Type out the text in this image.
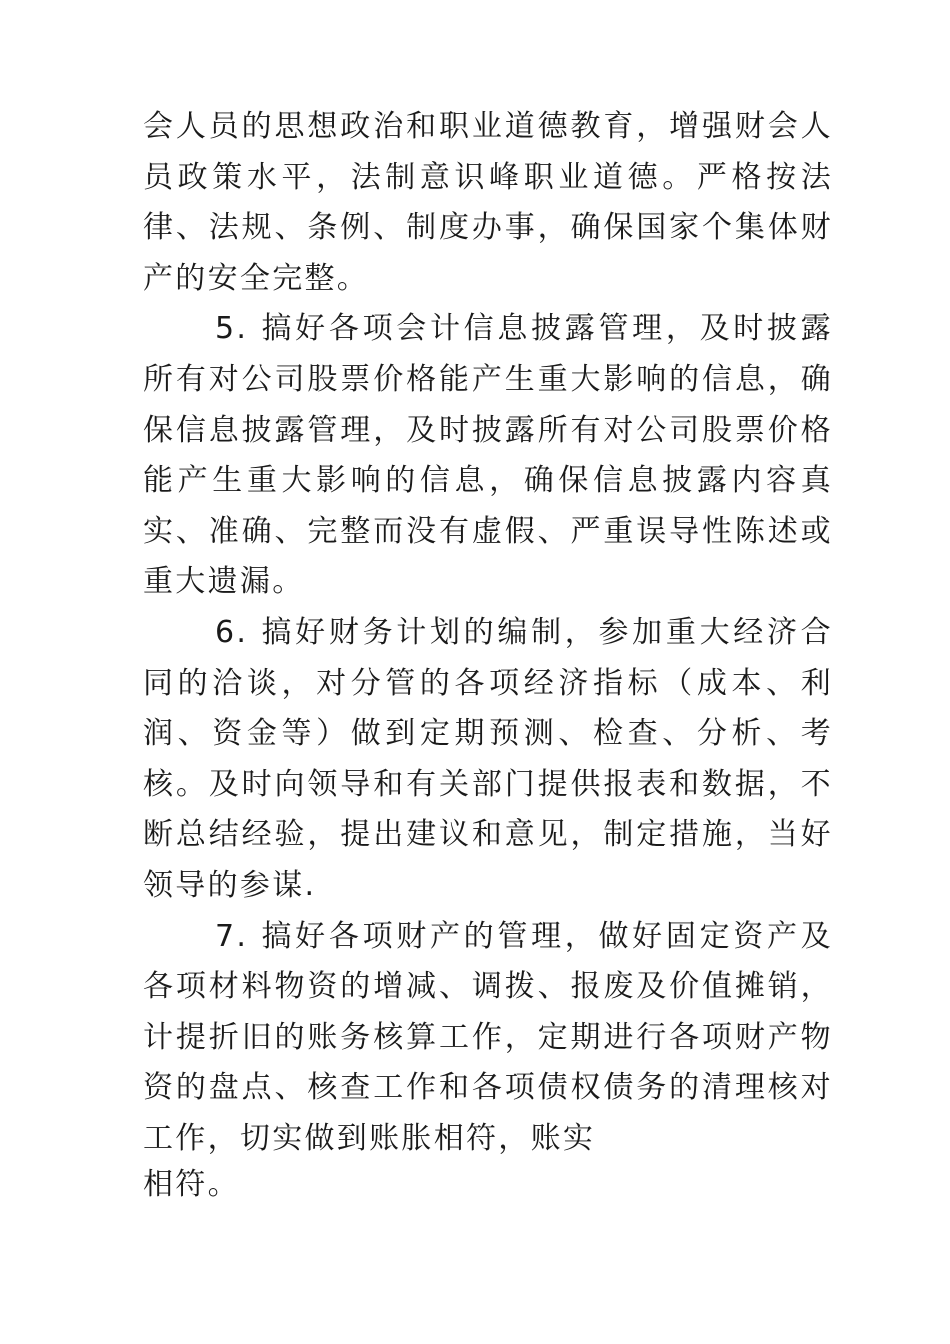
会人员的思想政治和职业道德教育，增强财会人员政策水平，法制意识峰职业道德。严格按法律、法规、条例、制度办事，确保国家个集体财产的安全完整。

5. 搞好各项会计信息披露管理，及时披露所有对公司股票价格能产生重大影响的信息，确保信息披露管理，及时披露所有对公司股票价格能产生重大影响的信息，确保信息披露内容真实、准确、完整而没有虚假、严重误导性陈述或重大遗漏。

6. 搞好财务计划的编制，参加重大经济合同的洽谈，对分管的各项经济指标（成本、利润、资金等）做到定期预测、检查、分析、考核。及时向领导和有关部门提供报表和数据，不断总结经验，提出建议和意见，制定措施，当好领导的参谋.

7. 搞好各项财产的管理，做好固定资产及各项材料物资的增减、调拨、报废及价值摊销，计提折旧的账务核算工作，定期进行各项财产物资的盘点、核查工作和各项债权债务的清理核对工作，切实做到账胀相符，账实

相符。
